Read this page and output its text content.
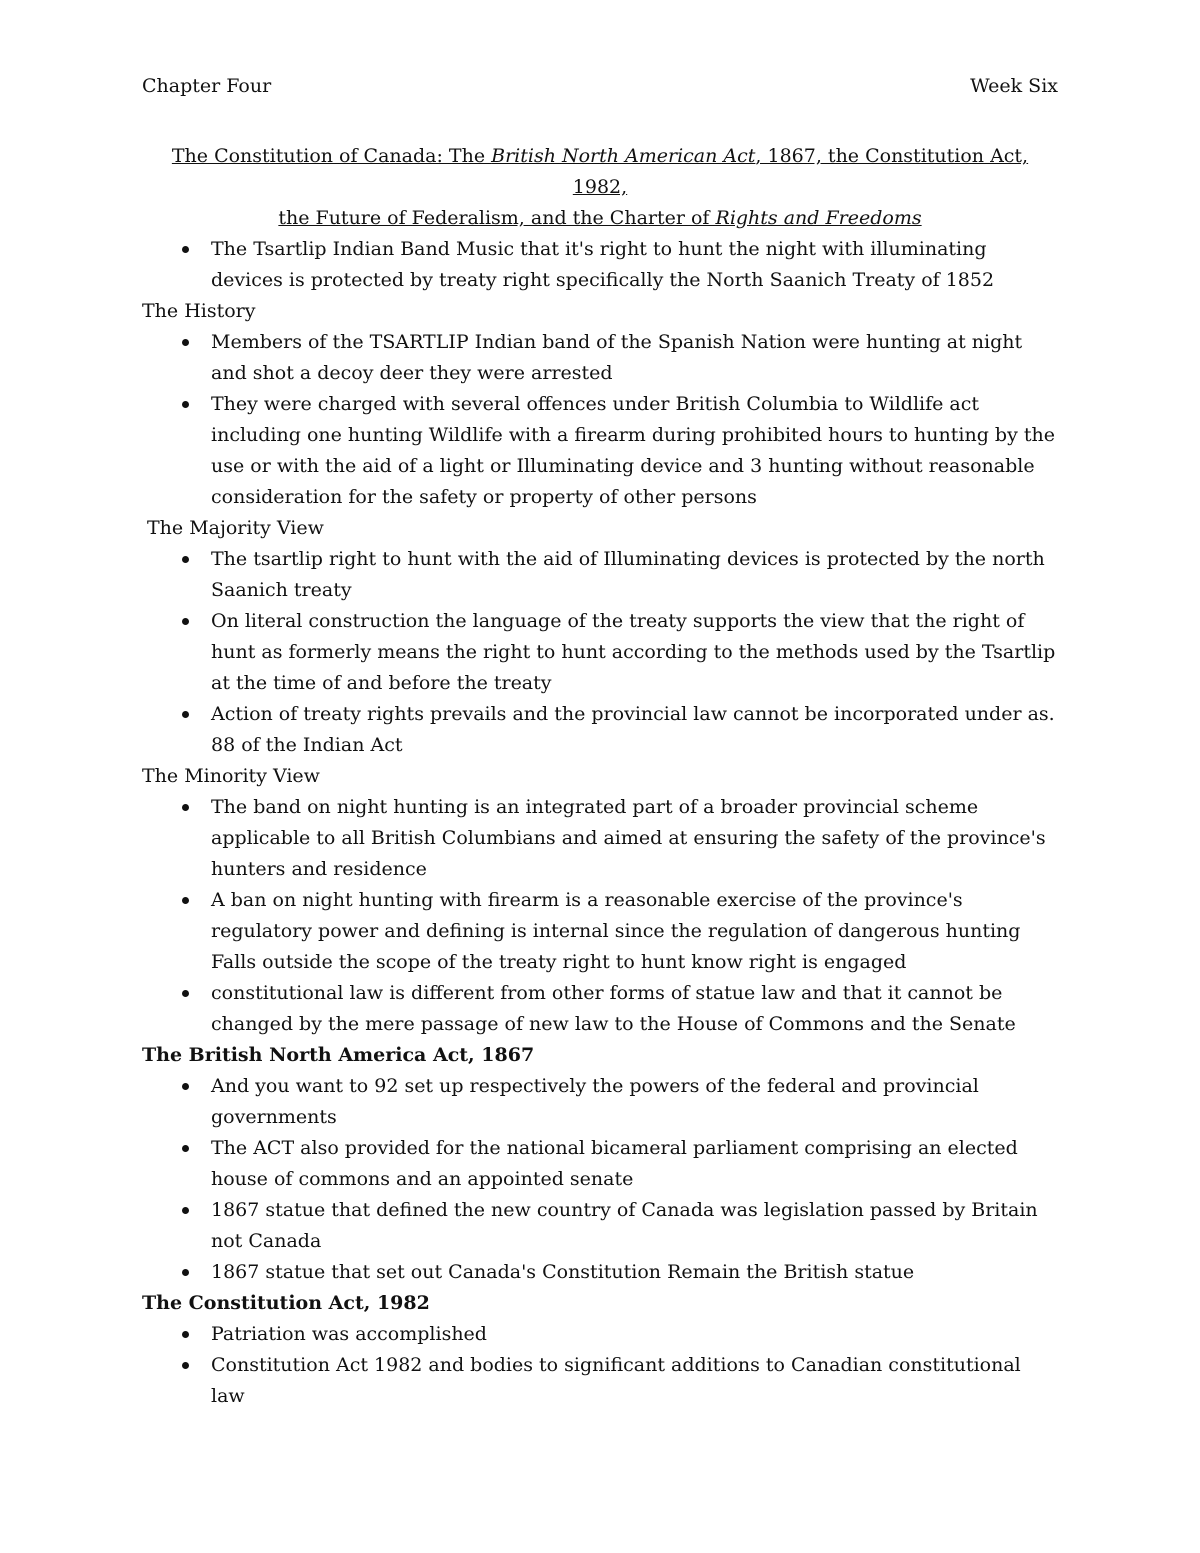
Chapter Four	Week Six
The Constitution of Canada: The British North American Act, 1867, the Constitution Act, 1982,
the Future of Federalism, and the Charter of Rights and Freedoms
The Tsartlip Indian Band Music that it's right to hunt the night with illuminating devices is protected by treaty right specifically the North Saanich Treaty of 1852

The History

Members of the TSARTLIP Indian band of the Spanish Nation were hunting at night and shot a decoy deer they were arrested
They were charged with several offences under British Columbia to Wildlife act including one hunting Wildlife with a firearm during prohibited hours to hunting by the use or with the aid of a light or Illuminating device and 3 hunting without reasonable consideration for the safety or property of other persons

The Majority View

The tsartlip right to hunt with the aid of Illuminating devices is protected by the north Saanich treaty
On literal construction the language of the treaty supports the view that the right of hunt as formerly means the right to hunt according to the methods used by the Tsartlip at the time of and before the treaty
Action of treaty rights prevails and the provincial law cannot be incorporated under as. 88 of the Indian Act

The Minority View

The band on night hunting is an integrated part of a broader provincial scheme applicable to all British Columbians and aimed at ensuring the safety of the province's hunters and residence
A ban on night hunting with firearm is a reasonable exercise of the province's regulatory power and defining is internal since the regulation of dangerous hunting Falls outside the scope of the treaty right to hunt know right is engaged
constitutional law is different from other forms of statue law and that it cannot be changed by the mere passage of new law to the House of Commons and the Senate

The British North America Act, 1867

And you want to 92 set up respectively the powers of the federal and provincial governments
The ACT also provided for the national bicameral parliament comprising an elected house of commons and an appointed senate
1867 statue that defined the new country of Canada was legislation passed by Britain not Canada
1867 statue that set out Canada's Constitution Remain the British statue

The Constitution Act, 1982

Patriation was accomplished
Constitution Act 1982 and bodies to significant additions to Canadian constitutional law
